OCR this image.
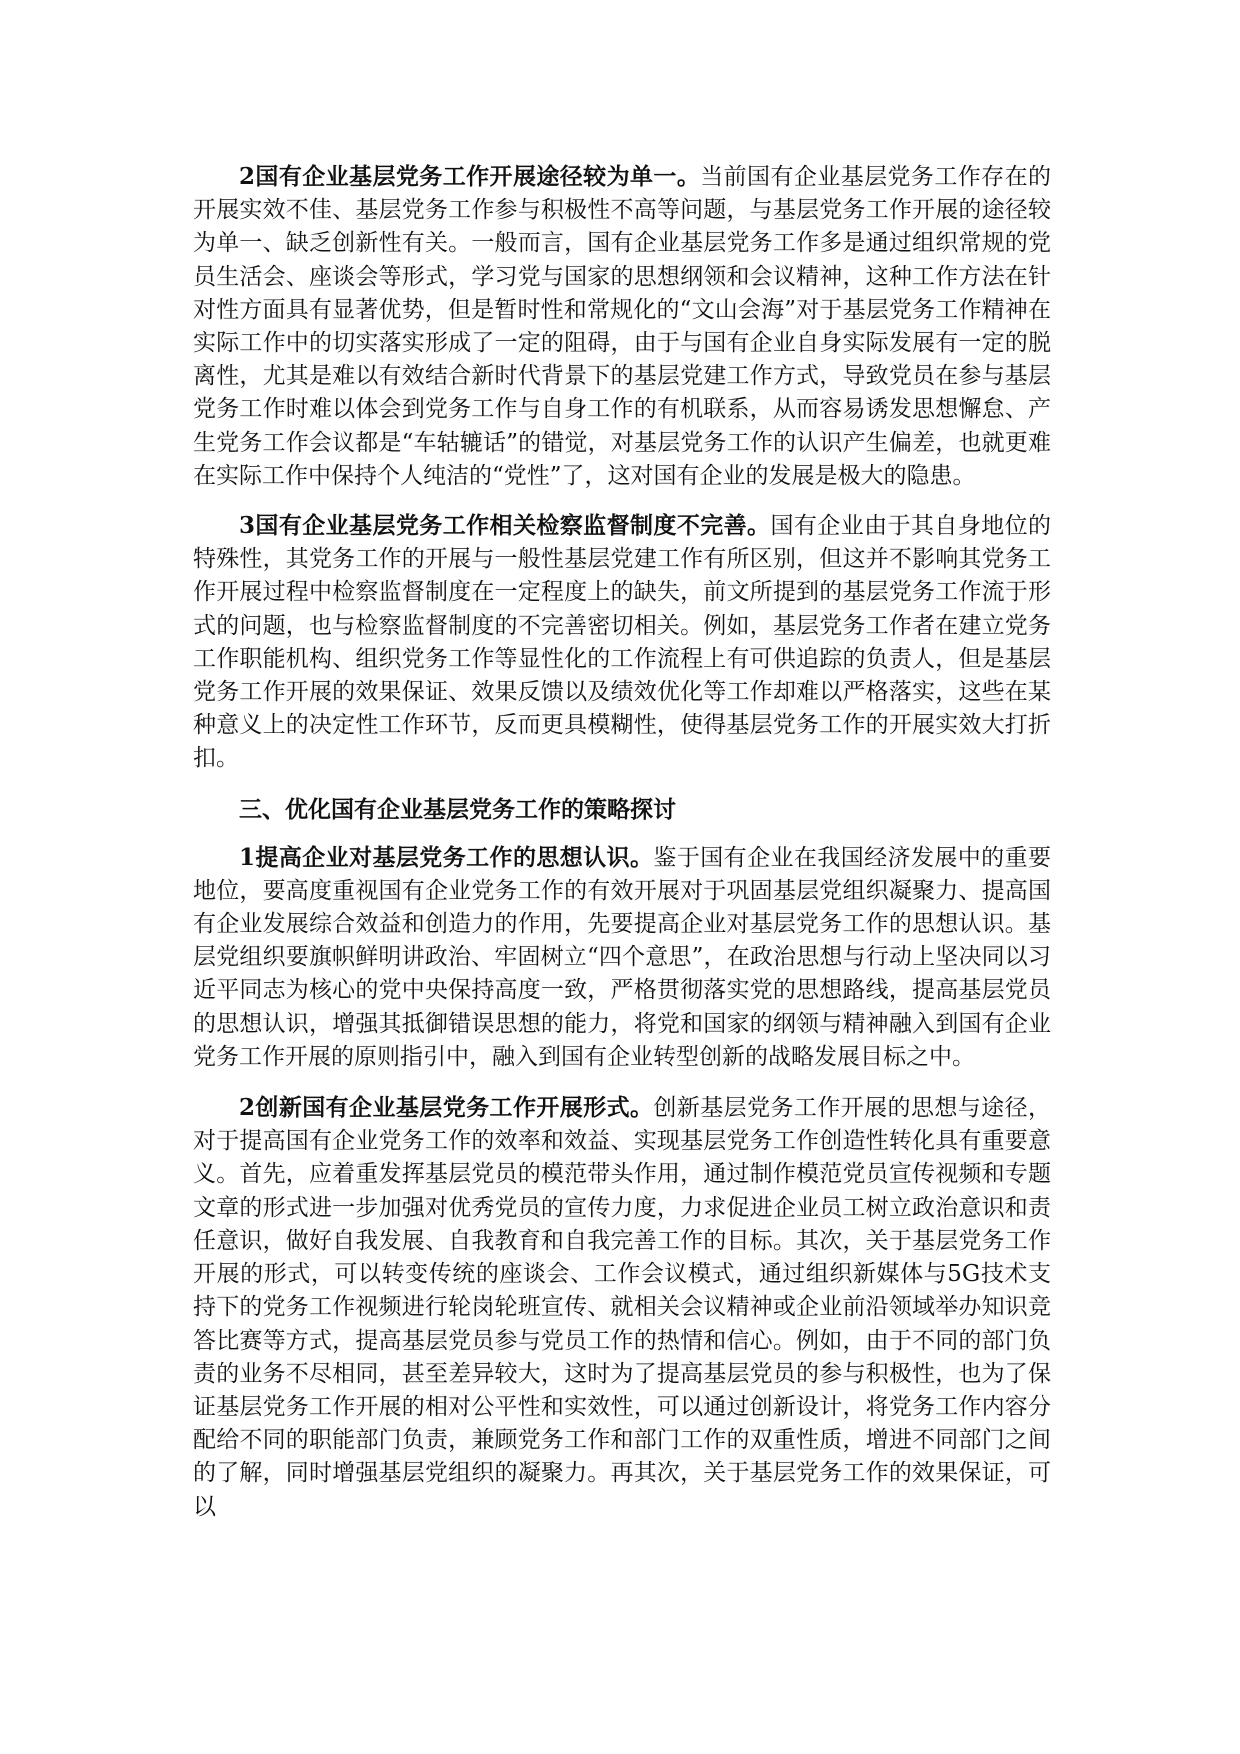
2国有企业基层党务工作开展途径较为单一。当前国有企业基层党务工作存在的开展实效不佳、基层党务工作参与积极性不高等问题，与基层党务工作开展的途径较为单一、缺乏创新性有关。一般而言，国有企业基层党务工作多是通过组织常规的党员生活会、座谈会等形式，学习党与国家的思想纲领和会议精神，这种工作方法在针对性方面具有显著优势，但是暂时性和常规化的“文山会海”对于基层党务工作精神在实际工作中的切实落实形成了一定的阻碍，由于与国有企业自身实际发展有一定的脱离性，尤其是难以有效结合新时代背景下的基层党建工作方式，导致党员在参与基层党务工作时难以体会到党务工作与自身工作的有机联系，从而容易诱发思想懈怠、产生党务工作会议都是“车轱辘话”的错觉，对基层党务工作的认识产生偏差，也就更难在实际工作中保持个人纯洁的“党性”了，这对国有企业的发展是极大的隐患。

3国有企业基层党务工作相关检察监督制度不完善。国有企业由于其自身地位的特殊性，其党务工作的开展与一般性基层党建工作有所区别，但这并不影响其党务工作开展过程中检察监督制度在一定程度上的缺失，前文所提到的基层党务工作流于形式的问题，也与检察监督制度的不完善密切相关。例如，基层党务工作者在建立党务工作职能机构、组织党务工作等显性化的工作流程上有可供追踪的负责人，但是基层党务工作开展的效果保证、效果反馈以及绩效优化等工作却难以严格落实，这些在某种意义上的决定性工作环节，反而更具模糊性，使得基层党务工作的开展实效大打折扣。

三、优化国有企业基层党务工作的策略探讨

1提高企业对基层党务工作的思想认识。鉴于国有企业在我国经济发展中的重要地位，要高度重视国有企业党务工作的有效开展对于巩固基层党组织凝聚力、提高国有企业发展综合效益和创造力的作用，先要提高企业对基层党务工作的思想认识。基层党组织要旗帜鲜明讲政治、牢固树立“四个意思”，在政治思想与行动上坚决同以习近平同志为核心的党中央保持高度一致，严格贯彻落实党的思想路线，提高基层党员的思想认识，增强其抵御错误思想的能力，将党和国家的纲领与精神融入到国有企业党务工作开展的原则指引中，融入到国有企业转型创新的战略发展目标之中。

2创新国有企业基层党务工作开展形式。创新基层党务工作开展的思想与途径，对于提高国有企业党务工作的效率和效益、实现基层党务工作创造性转化具有重要意义。首先，应着重发挥基层党员的模范带头作用，通过制作模范党员宣传视频和专题文章的形式进一步加强对优秀党员的宣传力度，力求促进企业员工树立政治意识和责任意识，做好自我发展、自我教育和自我完善工作的目标。其次，关于基层党务工作开展的形式，可以转变传统的座谈会、工作会议模式，通过组织新媒体与5G技术支持下的党务工作视频进行轮岗轮班宣传、就相关会议精神或企业前沿领域举办知识竞答比赛等方式，提高基层党员参与党员工作的热情和信心。例如，由于不同的部门负责的业务不尽相同，甚至差异较大，这时为了提高基层党员的参与积极性，也为了保证基层党务工作开展的相对公平性和实效性，可以通过创新设计，将党务工作内容分配给不同的职能部门负责，兼顾党务工作和部门工作的双重性质，增进不同部门之间的了解，同时增强基层党组织的凝聚力。再其次，关于基层党务工作的效果保证，可以
